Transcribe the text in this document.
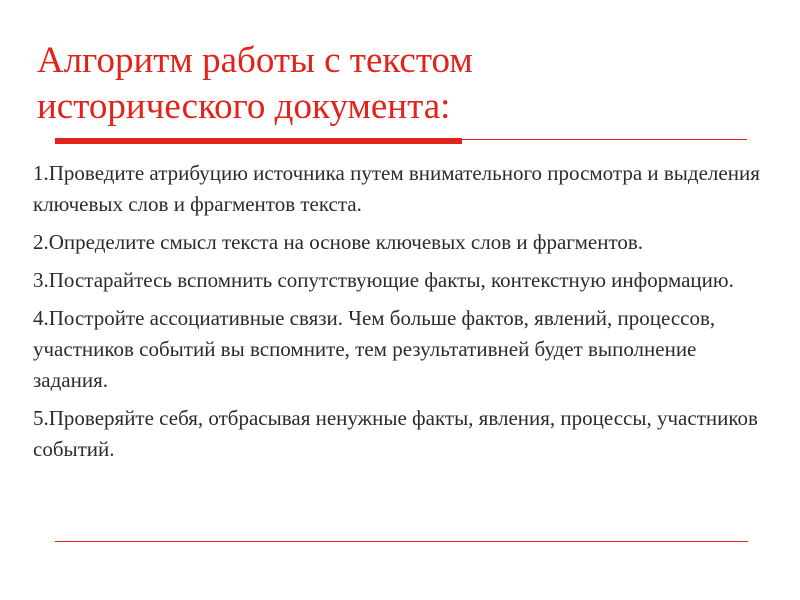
Алгоритм работы с текстом
исторического документа:
1.Проведите атрибуцию источника путем внимательного просмотра и выделения ключевых слов и фрагментов текста.
2.Определите смысл текста на основе ключевых слов и фрагментов.
3.Постарайтесь вспомнить сопутствующие факты, контекстную информацию.
4.Постройте ассоциативные связи. Чем больше фактов, явлений, процессов, участников событий вы вспомните, тем результативней будет выполнение задания.
5.Проверяйте себя, отбрасывая ненужные факты, явления, процессы, участников событий.
